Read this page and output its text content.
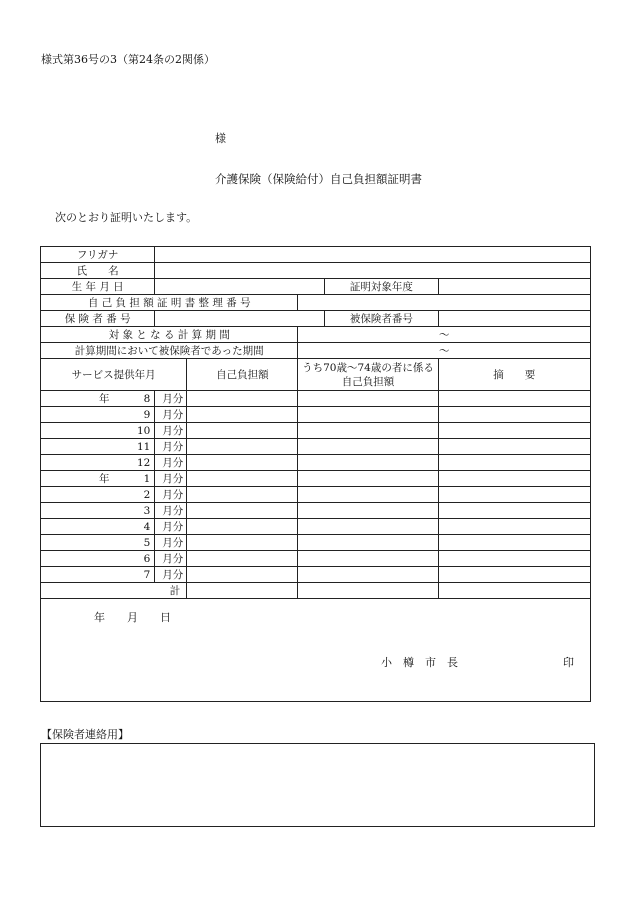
様式第36号の3（第24条の2関係）
様
介護保険（保険給付）自己負担額証明書
次のとおり証明いたします。
フリガナ					
氏　　名					
生 年 月 日				証明対象年度	
自 己 負 担 額 証 明 書 整 理 番 号					
保 険 者 番 号				被保険者番号	
対 象 と な る 計 算 期 間			～		
計算期間において被保険者であった期間			～		
サービス提供年月		自己負担額	うち70歳～74歳の者に係る 自己負担額		摘　　要
年 8	月分				

9	月分				

10	月分				

11	月分				

12	月分				
年 1	月分				

2	月分				

3	月分				

4	月分				

5	月分				

6	月分				

7	月分				
計					
年　　月　　日
小　樽　市　長	印
【保険者連絡用】
